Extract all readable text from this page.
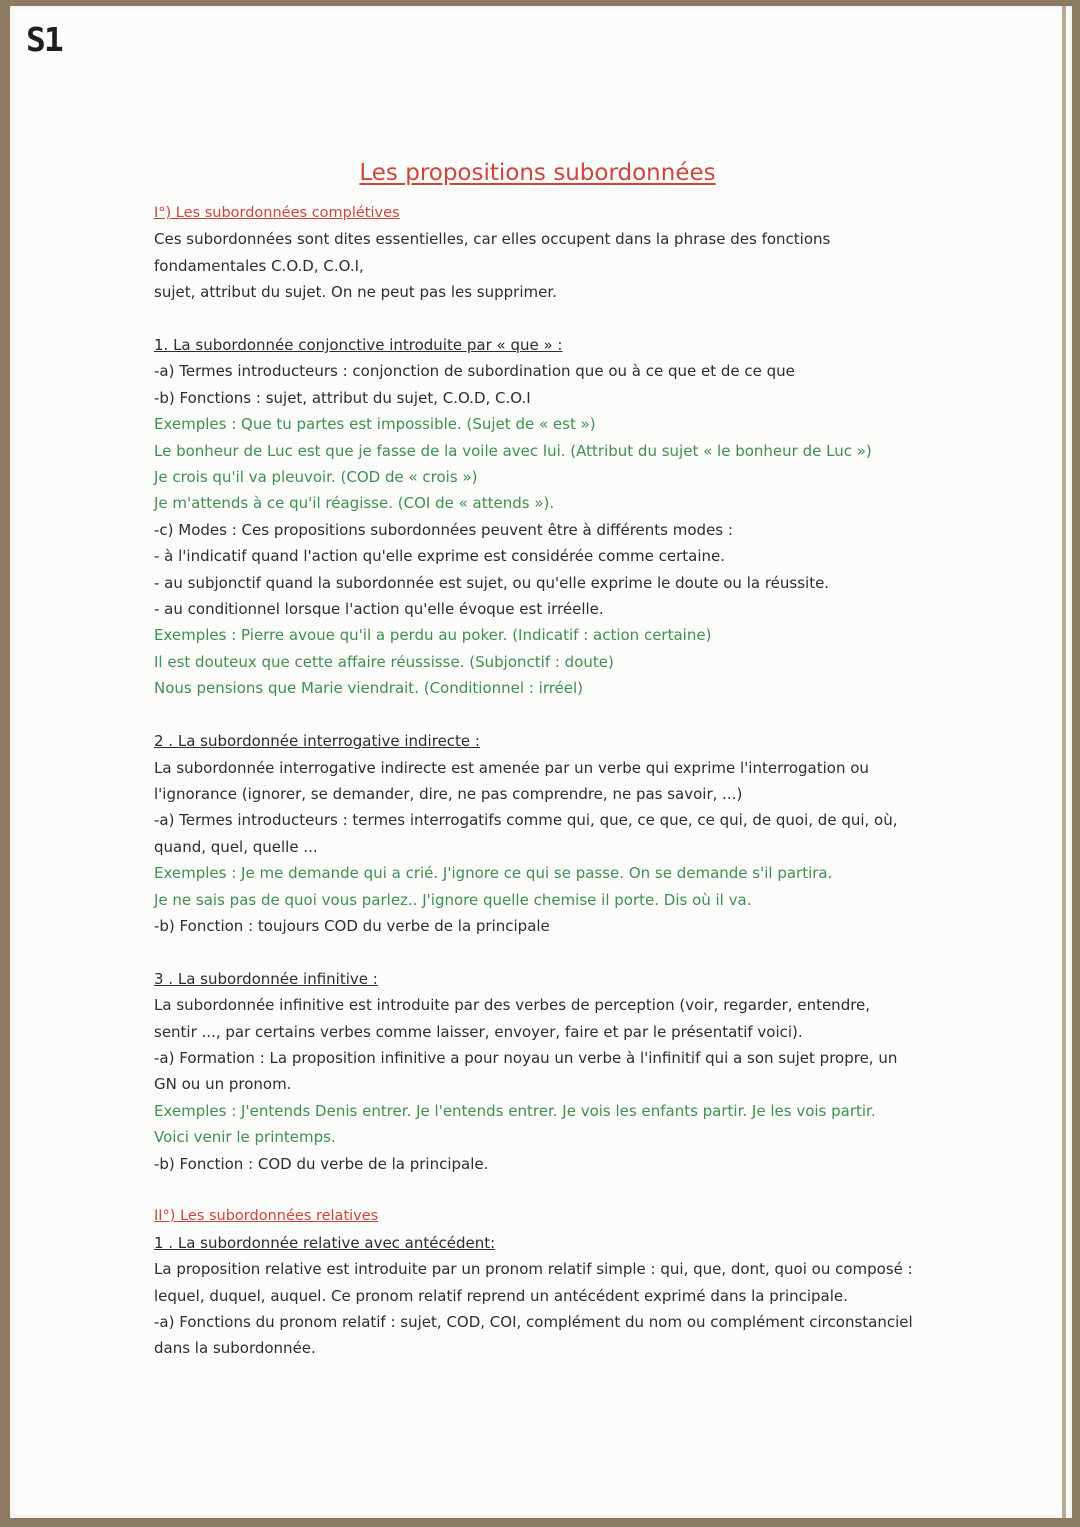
S1
Les propositions subordonnées
I°) Les subordonnées complétives
Ces subordonnées sont dites essentielles, car elles occupent dans la phrase des fonctions
fondamentales C.O.D, C.O.I,
sujet, attribut du sujet. On ne peut pas les supprimer.
1. La subordonnée conjonctive introduite par « que » :
-a) Termes introducteurs : conjonction de subordination que ou à ce que et de ce que
-b) Fonctions : sujet, attribut du sujet, C.O.D, C.O.I
Exemples : Que tu partes est impossible. (Sujet de « est »)
Le bonheur de Luc est que je fasse de la voile avec lui. (Attribut du sujet « le bonheur de Luc »)
Je crois qu'il va pleuvoir. (COD de « crois »)
Je m'attends à ce qu'il réagisse. (COI de « attends »).
-c) Modes : Ces propositions subordonnées peuvent être à différents modes :
- à l'indicatif quand l'action qu'elle exprime est considérée comme certaine.
- au subjonctif quand la subordonnée est sujet, ou qu'elle exprime le doute ou la réussite.
- au conditionnel lorsque l'action qu'elle évoque est irréelle.
Exemples : Pierre avoue qu'il a perdu au poker. (Indicatif : action certaine)
Il est douteux que cette affaire réussisse. (Subjonctif : doute)
Nous pensions que Marie viendrait. (Conditionnel : irréel)
2 . La subordonnée interrogative indirecte :
La subordonnée interrogative indirecte est amenée par un verbe qui exprime l'interrogation ou
l'ignorance (ignorer, se demander, dire, ne pas comprendre, ne pas savoir, ...)
-a) Termes introducteurs : termes interrogatifs comme qui, que, ce que, ce qui, de quoi, de qui, où,
quand, quel, quelle ...
Exemples : Je me demande qui a crié. J'ignore ce qui se passe. On se demande s'il partira.
Je ne sais pas de quoi vous parlez.. J'ignore quelle chemise il porte. Dis où il va.
-b) Fonction : toujours COD du verbe de la principale
3 . La subordonnée infinitive :
La subordonnée infinitive est introduite par des verbes de perception (voir, regarder, entendre,
sentir ..., par certains verbes comme laisser, envoyer, faire et par le présentatif voici).
-a) Formation : La proposition infinitive a pour noyau un verbe à l'infinitif qui a son sujet propre, un
GN ou un pronom.
Exemples : J'entends Denis entrer. Je l'entends entrer. Je vois les enfants partir. Je les vois partir.
Voici venir le printemps.
-b) Fonction : COD du verbe de la principale.
II°) Les subordonnées relatives
1 . La subordonnée relative avec antécédent:
La proposition relative est introduite par un pronom relatif simple : qui, que, dont, quoi ou composé :
lequel, duquel, auquel. Ce pronom relatif reprend un antécédent exprimé dans la principale.
-a) Fonctions du pronom relatif : sujet, COD, COI, complément du nom ou complément circonstanciel
dans la subordonnée.
